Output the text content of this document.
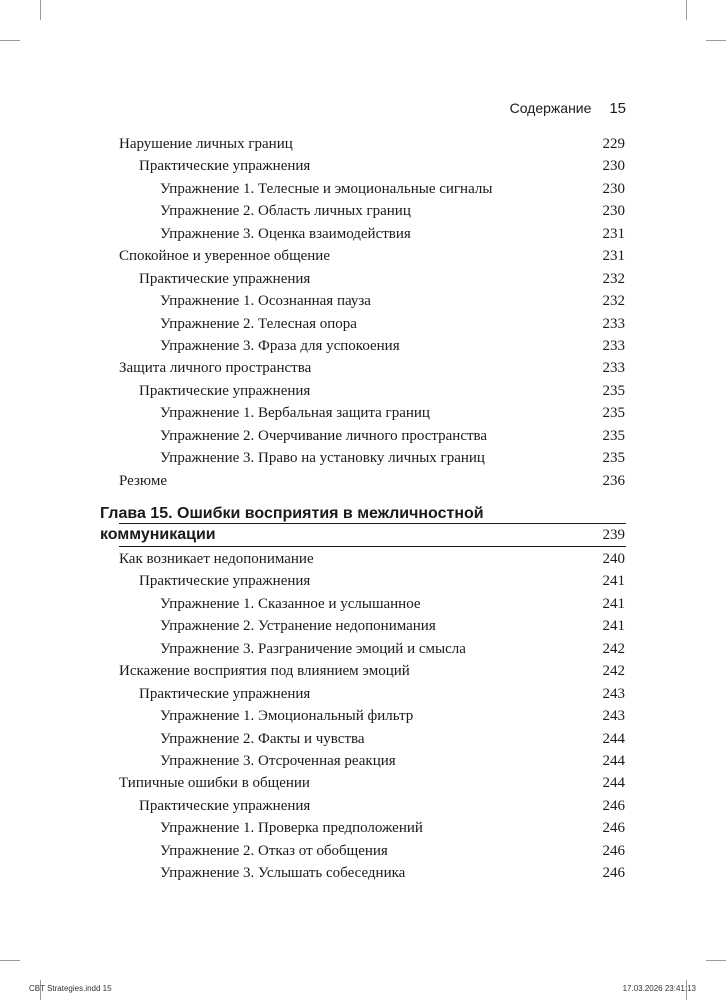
Содержание 15
Нарушение личных границ	229
Практические упражнения	230
Упражнение 1. Телесные и эмоциональные сигналы	230
Упражнение 2. Область личных границ	230
Упражнение 3. Оценка взаимодействия	231
Спокойное и уверенное общение	231
Практические упражнения	232
Упражнение 1. Осознанная пауза	232
Упражнение 2. Телесная опора	233
Упражнение 3. Фраза для успокоения	233
Защита личного пространства	233
Практические упражнения	235
Упражнение 1. Вербальная защита границ	235
Упражнение 2. Очерчивание личного пространства	235
Упражнение 3. Право на установку личных границ	235
Резюме	236
Глава 15. Ошибки восприятия в межличностной
коммуникации	239
Как возникает недопонимание	240
Практические упражнения	241
Упражнение 1. Сказанное и услышанное	241
Упражнение 2. Устранение недопонимания	241
Упражнение 3. Разграничение эмоций и смысла	242
Искажение восприятия под влиянием эмоций	242
Практические упражнения	243
Упражнение 1. Эмоциональный фильтр	243
Упражнение 2. Факты и чувства	244
Упражнение 3. Отсроченная реакция	244
Типичные ошибки в общении	244
Практические упражнения	246
Упражнение 1. Проверка предположений	246
Упражнение 2. Отказ от обобщения	246
Упражнение 3. Услышать собеседника	246
CBT Strategies.indd 15	17.03.2026 23:41:13
